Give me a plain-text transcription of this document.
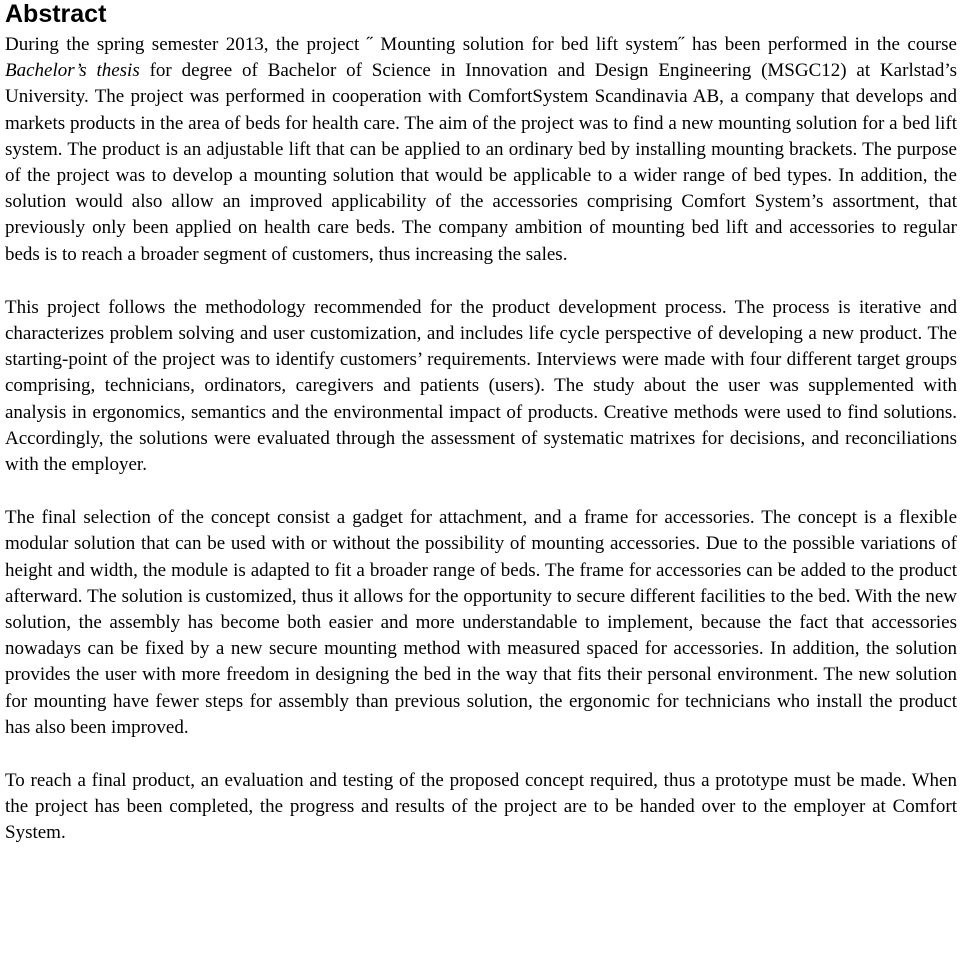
Abstract

During the spring semester 2013, the project ˝ Mounting solution for bed lift system˝ has been performed in the course Bachelor’s thesis for degree of Bachelor of Science in Innovation and Design Engineering (MSGC12) at Karlstad’s University. The project was performed in cooperation with ComfortSystem Scandinavia AB, a company that develops and markets products in the area of beds for health care. The aim of the project was to find a new mounting solution for a bed lift system. The product is an adjustable lift that can be applied to an ordinary bed by installing mounting brackets. The purpose of the project was to develop a mounting solution that would be applicable to a wider range of bed types. In addition, the solution would also allow an improved applicability of the accessories comprising Comfort System’s assortment, that previously only been applied on health care beds. The company ambition of mounting bed lift and accessories to regular beds is to reach a broader segment of customers, thus increasing the sales.

This project follows the methodology recommended for the product development process. The process is iterative and characterizes problem solving and user customization, and includes life cycle perspective of developing a new product. The starting-point of the project was to identify customers’ requirements. Interviews were made with four different target groups comprising, technicians, ordinators, caregivers and patients (users). The study about the user was supplemented with analysis in ergonomics, semantics and the environmental impact of products. Creative methods were used to find solutions. Accordingly, the solutions were evaluated through the assessment of systematic matrixes for decisions, and reconciliations with the employer.

The final selection of the concept consist a gadget for attachment, and a frame for accessories. The concept is a flexible modular solution that can be used with or without the possibility of mounting accessories. Due to the possible variations of height and width, the module is adapted to fit a broader range of beds. The frame for accessories can be added to the product afterward. The solution is customized, thus it allows for the opportunity to secure different facilities to the bed. With the new solution, the assembly has become both easier and more understandable to implement, because the fact that accessories nowadays can be fixed by a new secure mounting method with measured spaced for accessories. In addition, the solution provides the user with more freedom in designing the bed in the way that fits their personal environment. The new solution for mounting have fewer steps for assembly than previous solution, the ergonomic for technicians who install the product has also been improved.

To reach a final product, an evaluation and testing of the proposed concept required, thus a prototype must be made. When the project has been completed, the progress and results of the project are to be handed over to the employer at Comfort System.
